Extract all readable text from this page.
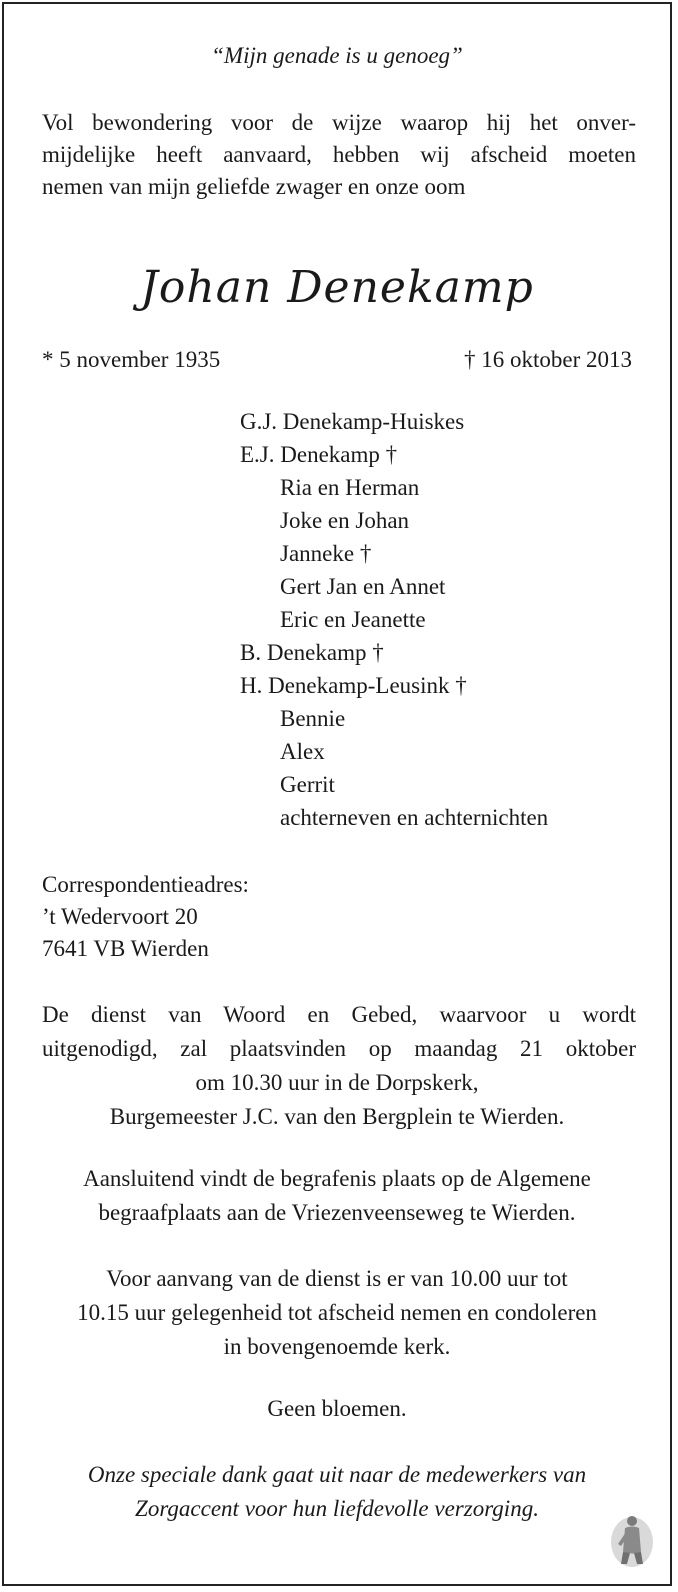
“Mijn genade is u genoeg”
Vol bewondering voor de wijze waarop hij het onver-
mijdelijke heeft aanvaard, hebben wij afscheid moeten
nemen van mijn geliefde zwager en onze oom
Johan Denekamp
* 5 november 1935	† 16 oktober 2013
G.J. Denekamp-Huiskes
E.J. Denekamp †
Ria en Herman
Joke en Johan
Janneke †
Gert Jan en Annet
Eric en Jeanette
B. Denekamp †
H. Denekamp-Leusink †
Bennie
Alex
Gerrit
achterneven en achternichten
Correspondentieadres:
’t Wedervoort 20
7641 VB Wierden
De dienst van Woord en Gebed, waarvoor u wordt
uitgenodigd, zal plaatsvinden op maandag 21 oktober
om 10.30 uur in de Dorpskerk,
Burgemeester J.C. van den Bergplein te Wierden.
Aansluitend vindt de begrafenis plaats op de Algemene
begraafplaats aan de Vriezenveenseweg te Wierden.
Voor aanvang van de dienst is er van 10.00 uur tot
10.15 uur gelegenheid tot afscheid nemen en condoleren
in bovengenoemde kerk.
Geen bloemen.
Onze speciale dank gaat uit naar de medewerkers van
Zorgaccent voor hun liefdevolle verzorging.
